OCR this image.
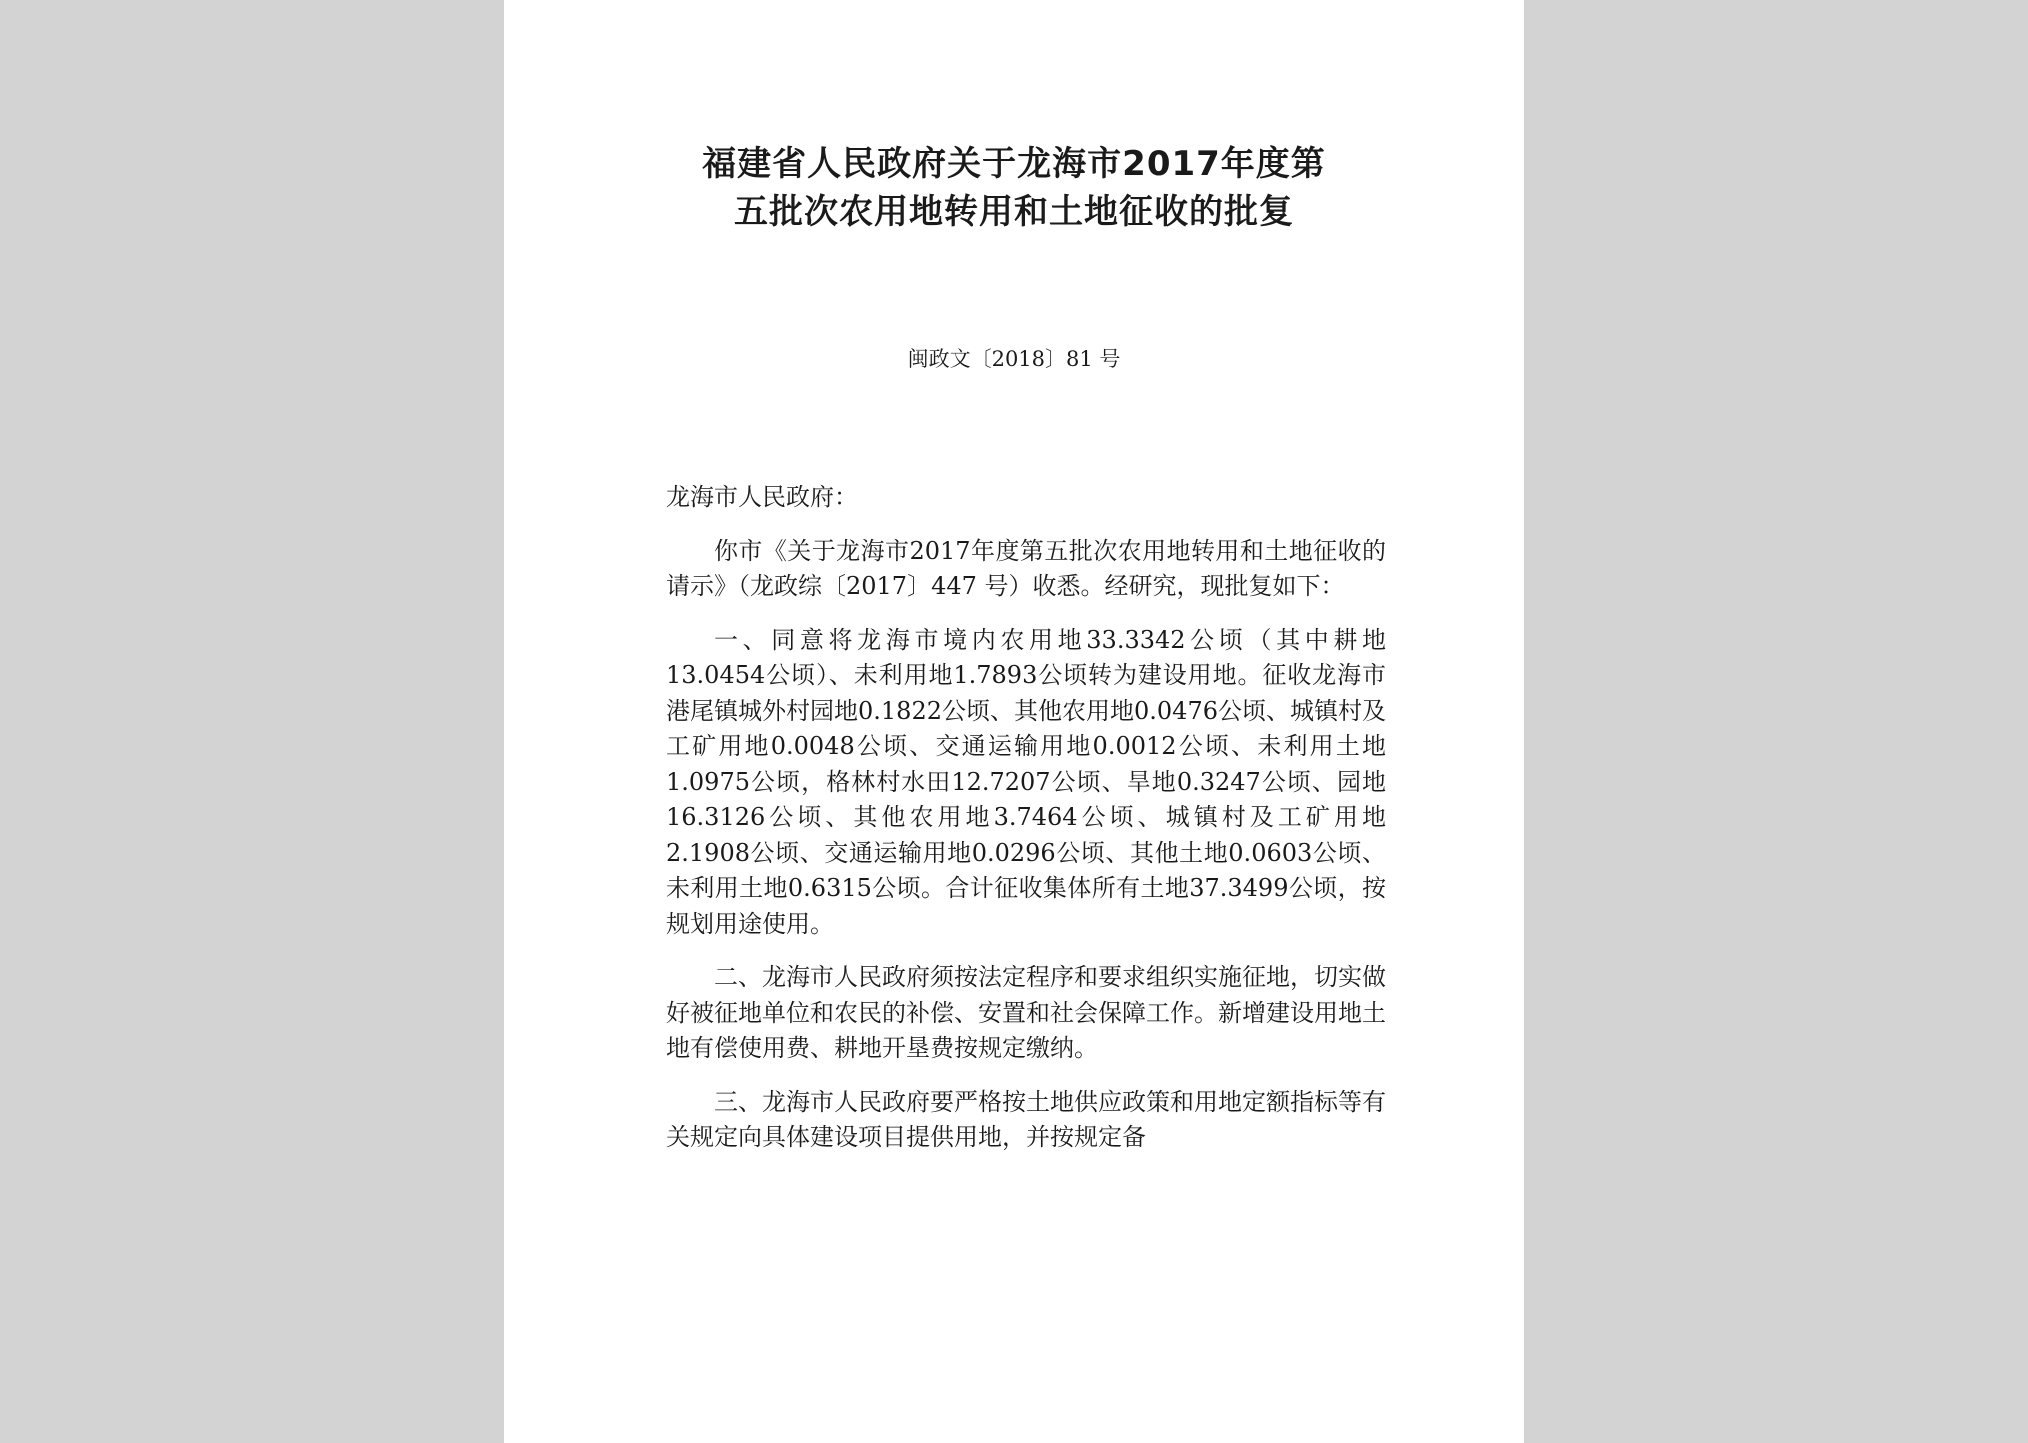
福建省人民政府关于龙海市2017年度第
五批次农用地转用和土地征收的批复

闽政文〔2018〕81 号

龙海市人民政府：

你市《关于龙海市2017年度第五批次农用地转用和土地征收的请示》（龙政综〔2017〕447 号）收悉。经研究，现批复如下：

一、同意将龙海市境内农用地33.3342公顷（其中耕地13.0454公顷）、未利用地1.7893公顷转为建设用地。征收龙海市港尾镇城外村园地0.1822公顷、其他农用地0.0476公顷、城镇村及工矿用地0.0048公顷、交通运输用地0.0012公顷、未利用土地1.0975公顷，格林村水田12.7207公顷、旱地0.3247公顷、园地16.3126公顷、其他农用地3.7464公顷、城镇村及工矿用地2.1908公顷、交通运输用地0.0296公顷、其他土地0.0603公顷、未利用土地0.6315公顷。合计征收集体所有土地37.3499公顷，按规划用途使用。

二、龙海市人民政府须按法定程序和要求组织实施征地，切实做好被征地单位和农民的补偿、安置和社会保障工作。新增建设用地土地有偿使用费、耕地开垦费按规定缴纳。

三、龙海市人民政府要严格按土地供应政策和用地定额指标等有关规定向具体建设项目提供用地，并按规定备
